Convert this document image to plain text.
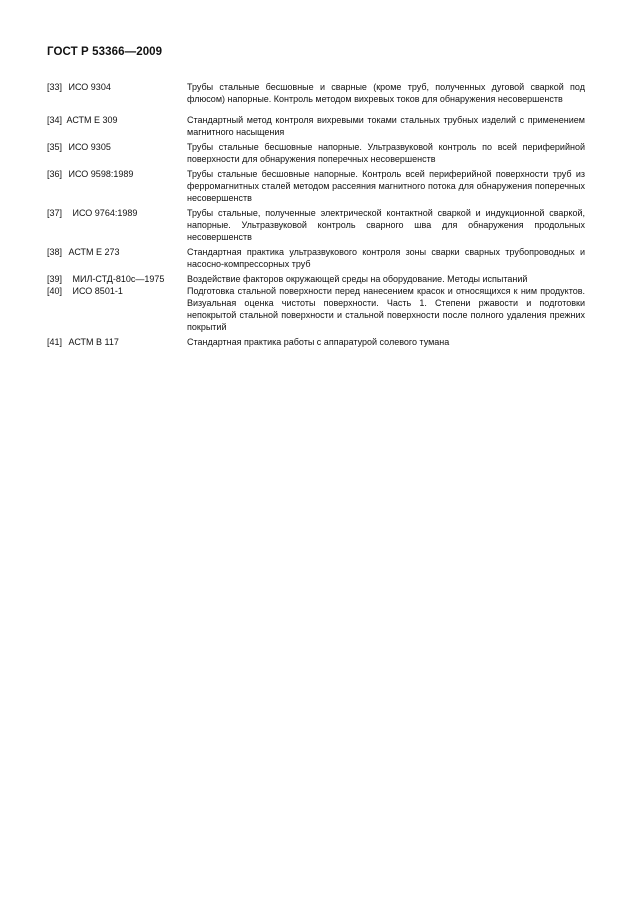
ГОСТ Р 53366—2009
[33] ИСО 9304	Трубы стальные бесшовные и сварные (кроме труб, полученных дуговой сваркой под флюсом) напорные. Контроль методом вихревых токов для обнаружения несовершенств
[34] АСТМ Е 309	Стандартный метод контроля вихревыми токами стальных трубных изделий с применением магнитного насыщения
[35] ИСО 9305	Трубы стальные бесшовные напорные. Ультразвуковой контроль по всей периферийной поверхности для обнаружения поперечных несовершенств
[36] ИСО 9598:1989	Трубы стальные бесшовные напорные. Контроль всей периферийной поверхности труб из ферромагнитных сталей методом рассеяния магнитного потока для обнаружения поперечных несовершенств
[37] ИСО 9764:1989	Трубы стальные, полученные электрической контактной сваркой и индукционной сваркой, напорные. Ультразвуковой контроль сварного шва для обнаружения продольных несовершенств
[38] АСТМ Е 273	Стандартная практика ультразвукового контроля зоны сварки сварных трубопроводных и насосно-компрессорных труб
[39] МИЛ-СТД-810с—1975	Воздействие факторов окружающей среды на оборудование. Методы испытаний
[40] ИСО 8501-1	Подготовка стальной поверхности перед нанесением красок и относящихся к ним продуктов. Визуальная оценка чистоты поверхности. Часть 1. Степени ржавости и подготовки непокрытой стальной поверхности и стальной поверхности после полного удаления прежних покрытий
[41] АСТМ В 117	Стандартная практика работы с аппаратурой солевого тумана
